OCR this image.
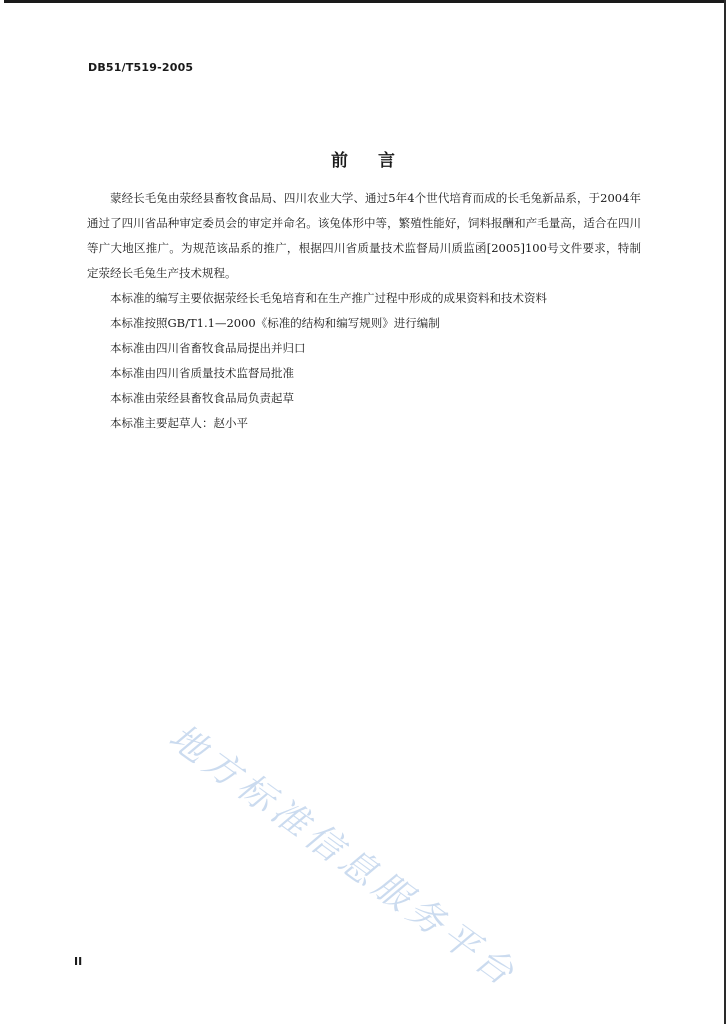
DB51/T519-2005
前言

蒙经长毛兔由荥经县畜牧食品局、四川农业大学、通过5年4个世代培育而成的长毛兔新品系，于2004年通过了四川省品种审定委员会的审定并命名。该兔体形中等，繁殖性能好，饲料报酬和产毛量高，适合在四川等广大地区推广。为规范该品系的推广，根据四川省质量技术监督局川质监函[2005]100号文件要求，特制定荥经长毛兔生产技术规程。

本标准的编写主要依据荥经长毛兔培育和在生产推广过程中形成的成果资料和技术资料

本标准按照GB/T1.1—2000《标准的结构和编写规则》进行编制

本标准由四川省畜牧食品局提出并归口

本标准由四川省质量技术监督局批准

本标准由荥经县畜牧食品局负责起草

本标准主要起草人：赵小平

地方标准信息服务平台
II
